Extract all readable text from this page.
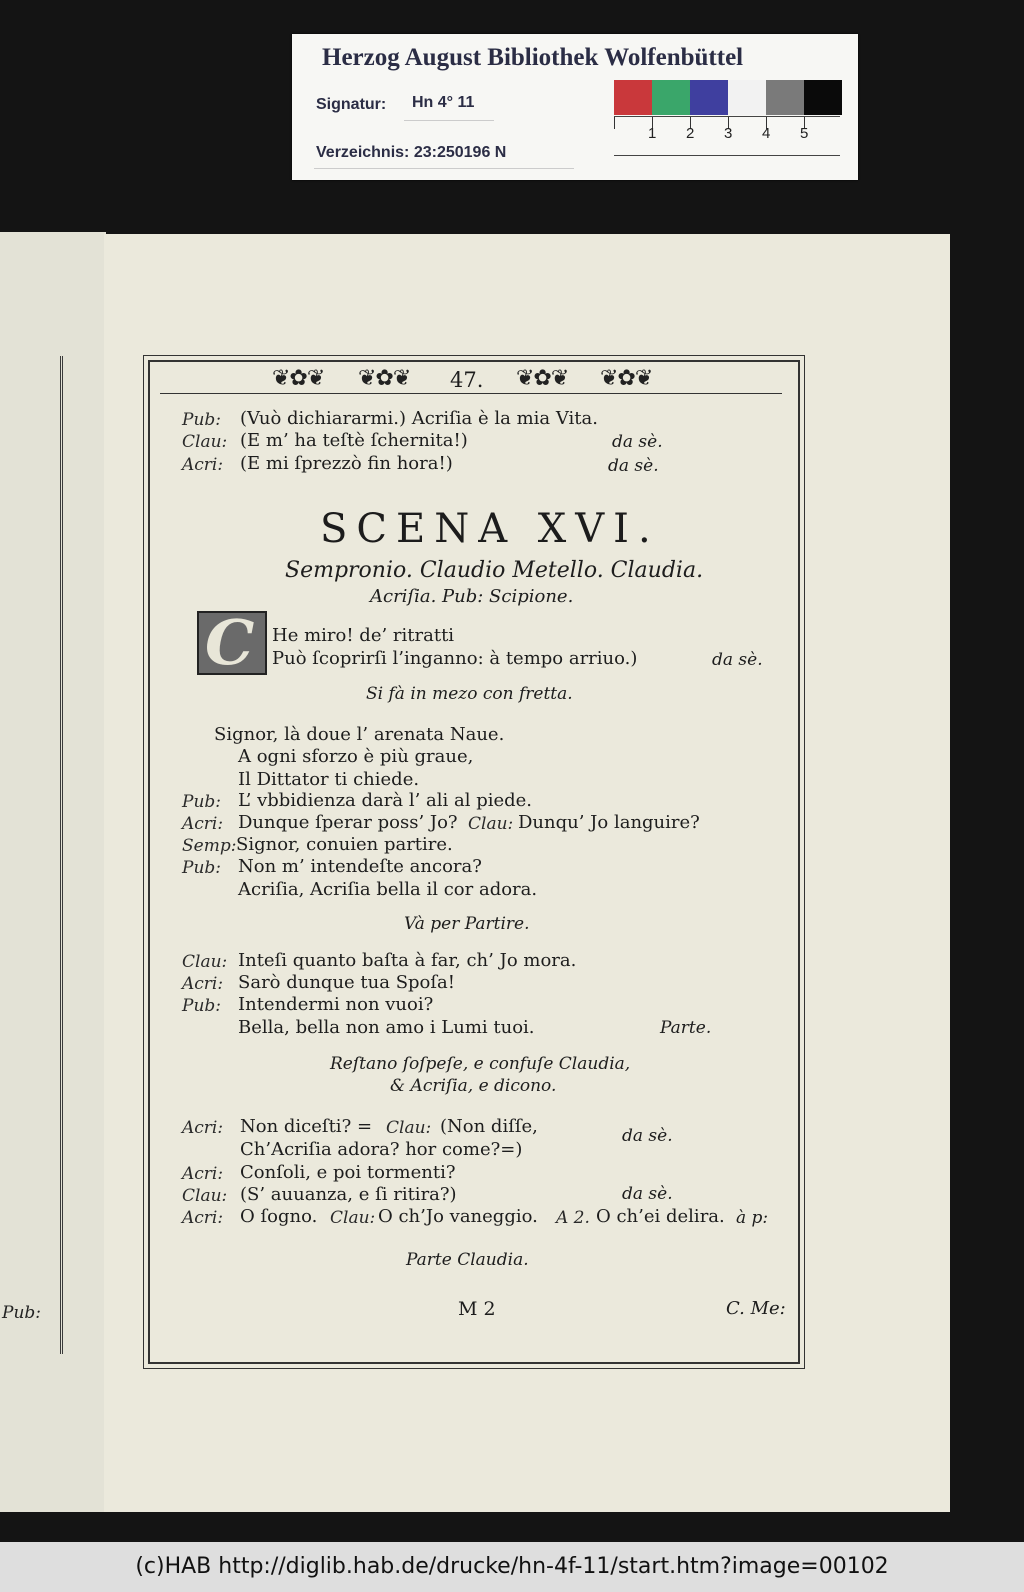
Herzog August Bibliothek Wolfenbüttel
Signatur: Hn 4° 11
Verzeichnis: 23:250196 N
1 2 3 4 5
Pub:
❦✿❦ ❦✿❦ 47. ❦✿❦ ❦✿❦
Pub: (Vuò dichiararmi.) Acriſia è la mia Vita.
Clau: (E m’ ha teſtè ſchernita!)	da sè.
Acri: (E mi ſprezzò fin hora!)	da sè.
SCENA XVI.
Sempronio. Claudio Metello. Claudia.
Acriſia. Pub: Scipione.
C He miro! de’ ritratti
Può ſcoprirſi l’inganno: à tempo arriuo.)	da sè.
Si fà in mezo con fretta.
Signor, là doue l’ arenata Naue.
A ogni sforzo è più graue,
Il Dittator ti chiede.
Pub: L’ vbbidienza darà l’ ali al piede.
Acri: Dunque ſperar poss’ Jo? Clau: Dunqu’ Jo languire?
Semp: Signor, conuien partire.
Pub: Non m’ intendeſte ancora?
Acriſia, Acriſia bella il cor adora.
Và per Partire.
Clau: Inteſi quanto baſta à far, ch’ Jo mora.
Acri: Sarò dunque tua Spoſa!
Pub: Intendermi non vuoi?
Bella, bella non amo i Lumi tuoi.	Parte.
Reſtano ſoſpeſe, e confuſe Claudia,
& Acriſia, e dicono.
Acri: Non diceſti? = Clau: (Non diſſe,
Ch’Acriſia adora? hor come?=)
da sè.
Acri: Conſoli, e poi tormenti?
Clau: (S’ auuanza, e ſi ritira?)	da sè.
Acri: O ſogno. Clau: O ch’Jo vaneggio. A 2. O ch’ei delira. à p:
Parte Claudia.
M 2	C. Me:
(c)HAB http://diglib.hab.de/drucke/hn-4f-11/start.htm?image=00102
